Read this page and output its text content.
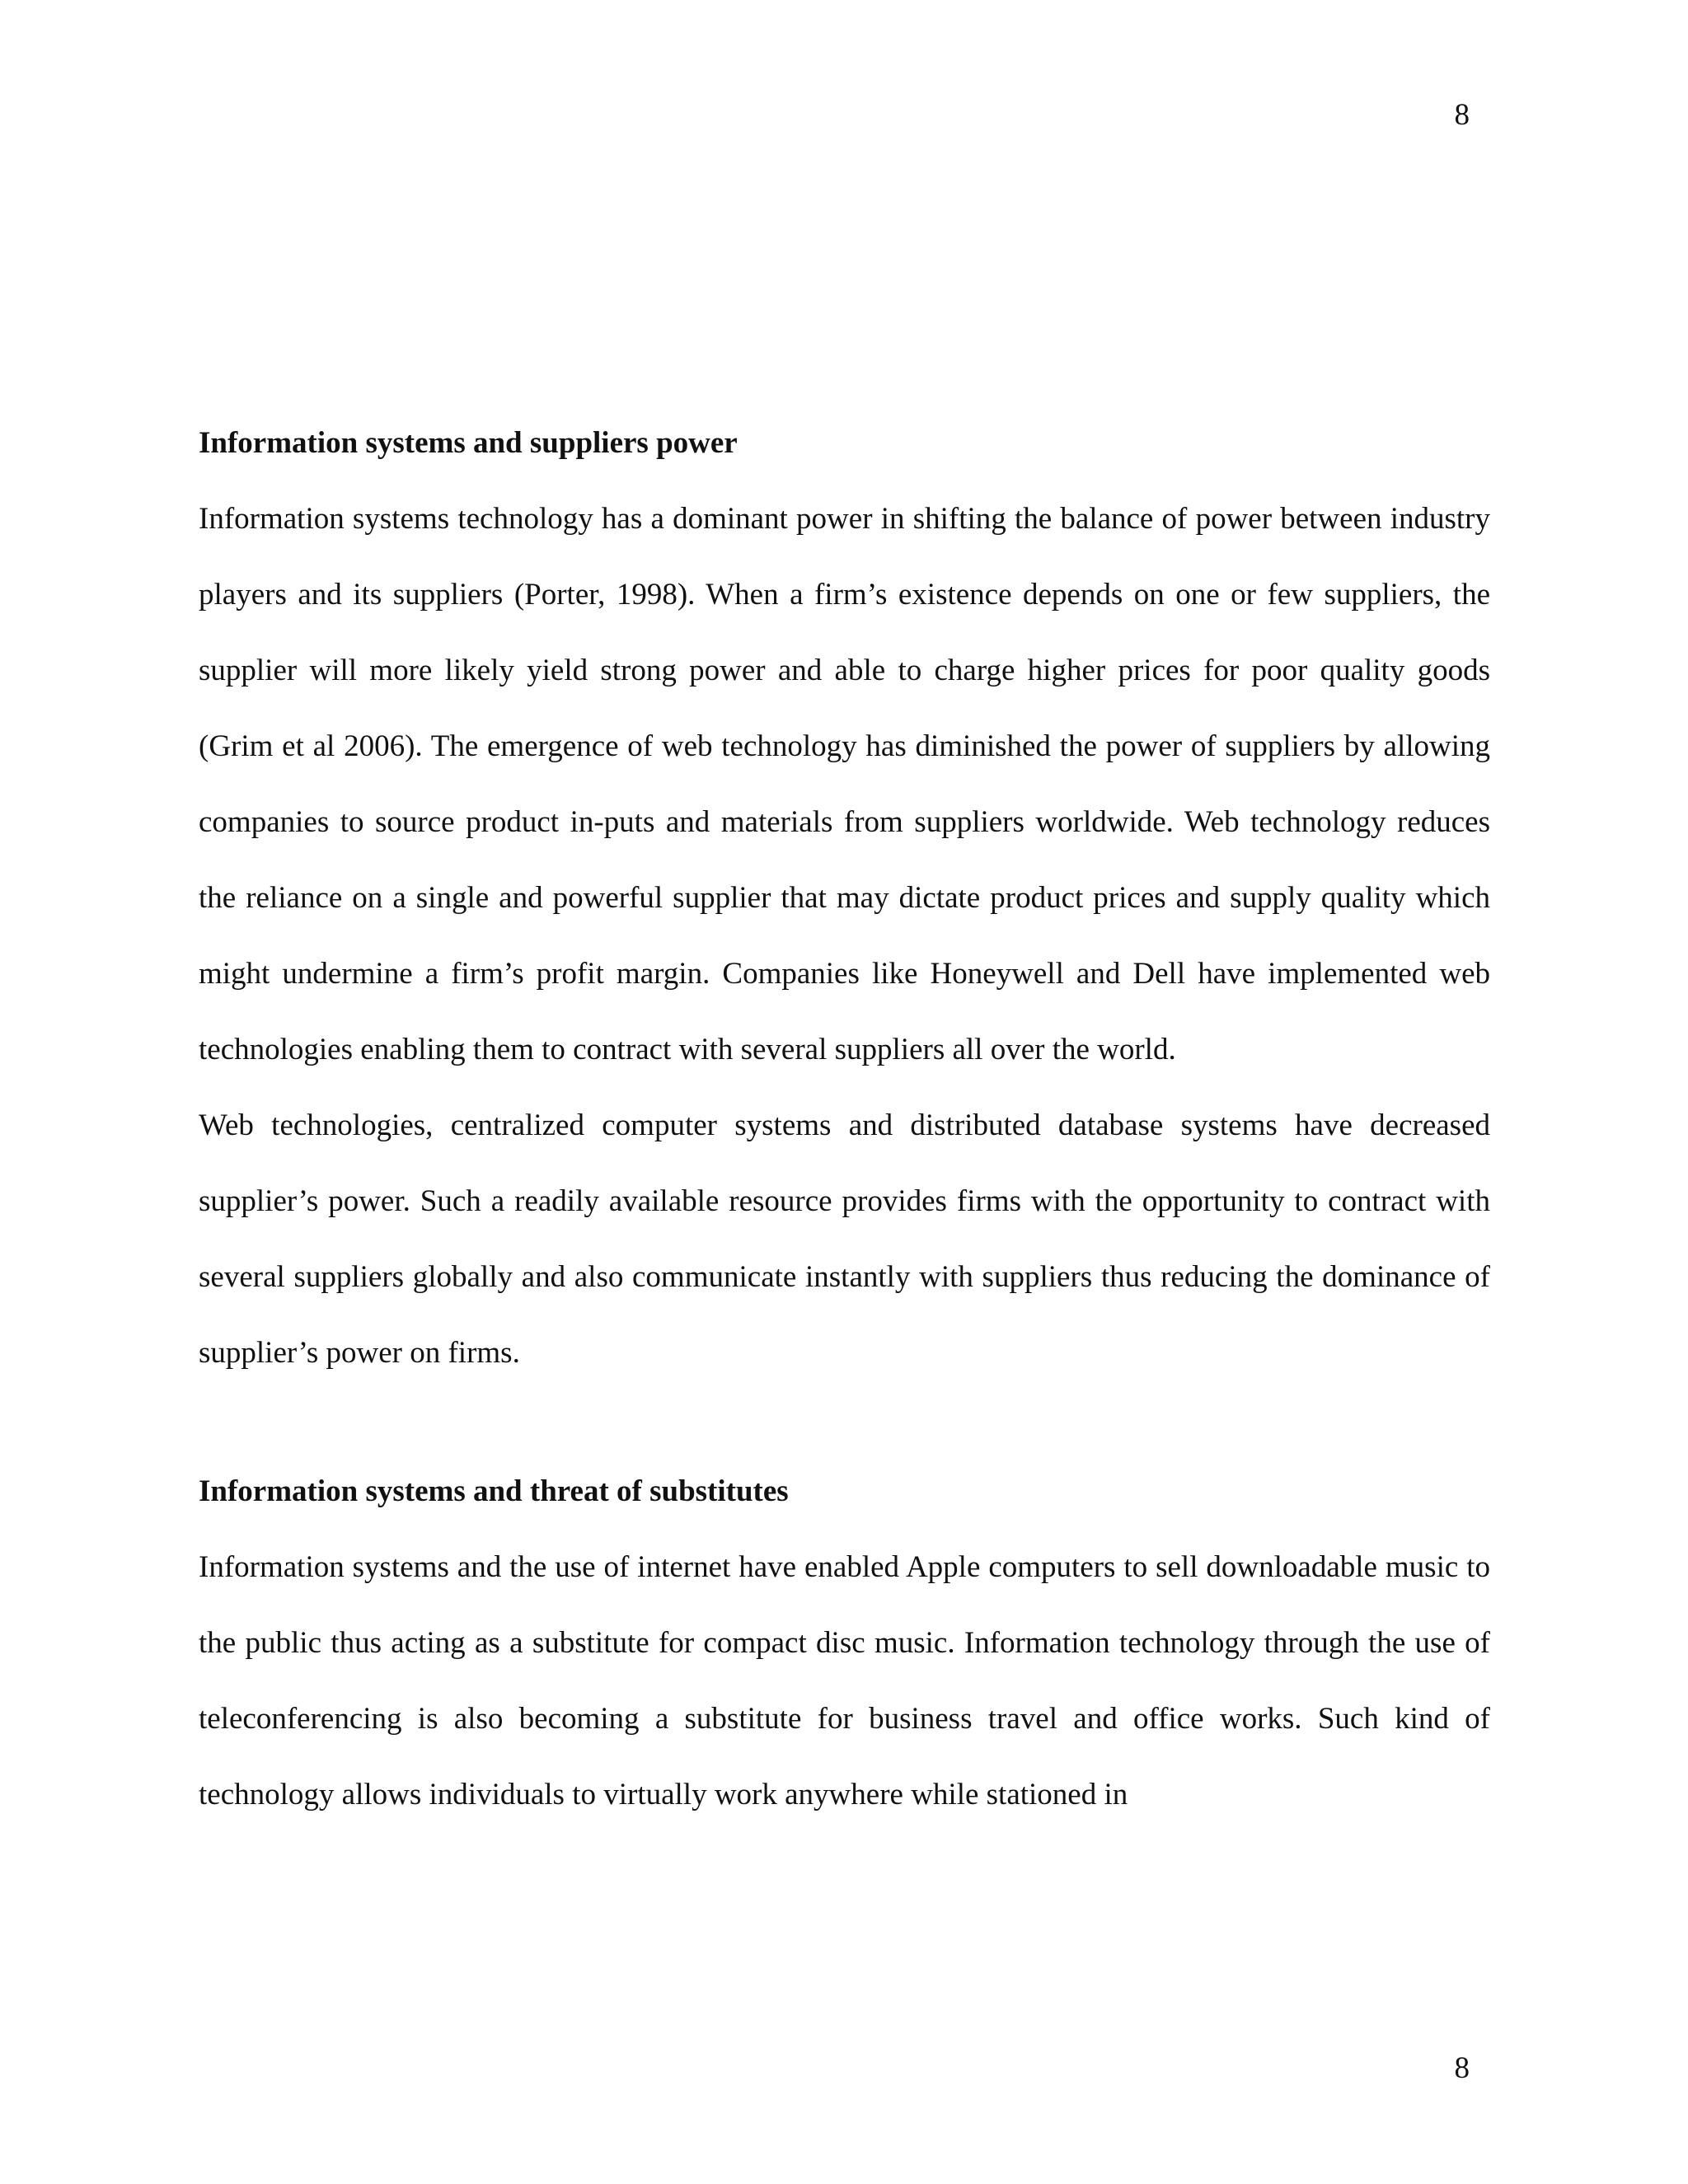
8

Information systems and suppliers power

Information systems technology has a dominant power in shifting the balance of power between industry players and its suppliers (Porter, 1998). When a firm’s existence depends on one or few suppliers, the supplier will more likely yield strong power and able to charge higher prices for poor quality goods (Grim et al 2006). The emergence of web technology has diminished the power of suppliers by allowing companies to source product in-puts and materials from suppliers worldwide. Web technology reduces the reliance on a single and powerful supplier that may dictate product prices and supply quality which might undermine a firm’s profit margin. Companies like Honeywell and Dell have implemented web technologies enabling them to contract with several suppliers all over the world.

Web technologies, centralized computer systems and distributed database systems have decreased supplier’s power. Such a readily available resource provides firms with the opportunity to contract with several suppliers globally and also communicate instantly with suppliers thus reducing the dominance of supplier’s power on firms.

Information systems and threat of substitutes

Information systems and the use of internet have enabled Apple computers to sell downloadable music to the public thus acting as a substitute for compact disc music. Information technology through the use of teleconferencing is also becoming a substitute for business travel and office works. Such kind of technology allows individuals to virtually work anywhere while stationed in

8
